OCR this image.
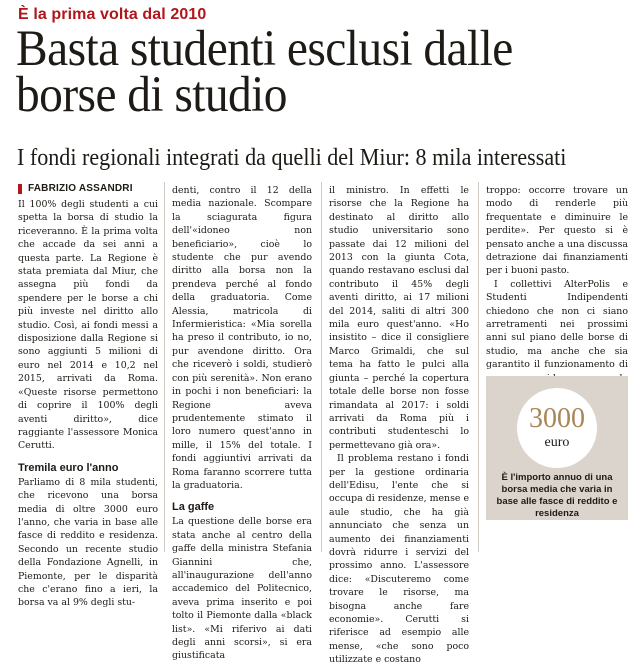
È la prima volta dal 2010
Basta studenti esclusi dalle borse di studio
I fondi regionali integrati da quelli del Miur: 8 mila interessati
FABRIZIO ASSANDRI

Il 100% degli studenti a cui spetta la borsa di studio la riceveranno. È la prima volta che accade da sei anni a questa parte. La Regione è stata premiata dal Miur, che assegna più fondi da spendere per le borse a chi più investe nel diritto allo studio. Così, ai fondi messi a disposizione dalla Regione si sono aggiunti 5 milioni di euro nel 2014 e 10,2 nel 2015, arrivati da Roma. «Queste risorse permettono di coprire il 100% degli aventi diritto», dice raggiante l'assessore Monica Cerutti.

Tremila euro l'anno

Parliamo di 8 mila studenti, che ricevono una borsa media di oltre 3000 euro l'anno, che varia in base alle fasce di reddito e residenza. Secondo un recente studio della Fondazione Agnelli, in Piemonte, per le disparità che c'erano fino a ieri, la borsa va al 9% degli stu-

denti, contro il 12 della media nazionale. Scompare la sciagurata figura dell'«idoneo non beneficiario», cioè lo studente che pur avendo diritto alla borsa non la prendeva perché al fondo della graduatoria. Come Alessia, matricola di Infermieristica: «Mia sorella ha preso il contributo, io no, pur avendone diritto. Ora che riceverò i soldi, studierò con più serenità». Non erano in pochi i non beneficiari: la Regione aveva prudentemente stimato il loro numero quest'anno in mille, il 15% del totale. I fondi aggiuntivi arrivati da Roma faranno scorrere tutta la graduatoria.

La gaffe

La questione delle borse era stata anche al centro della gaffe della ministra Stefania Giannini che, all'inaugurazione dell'anno accademico del Politecnico, aveva prima inserito e poi tolto il Piemonte dalla «black list». «Mi riferivo ai dati degli anni scorsi», si era giustificata

il ministro. In effetti le risorse che la Regione ha destinato al diritto allo studio universitario sono passate dai 12 milioni del 2013 con la giunta Cota, quando restavano esclusi dal contributo il 45% degli aventi diritto, ai 17 milioni del 2014, saliti di altri 300 mila euro quest'anno. «Ho insistito – dice il consigliere Marco Grimaldi, che sul tema ha fatto le pulci alla giunta – perché la copertura totale delle borse non fosse rimandata al 2017: i soldi arrivati da Roma più i contributi studenteschi lo permettevano già ora».

Il problema restano i fondi per la gestione ordinaria dell'Edisu, l'ente che si occupa di residenze, mense e aule studio, che ha già annunciato che senza un aumento dei finanziamenti dovrà ridurre i servizi del prossimo anno. L'assessore dice: «Discuteremo come trovare le risorse, ma bisogna anche fare economie». Cerutti si riferisce ad esempio alle mense, «che sono poco utilizzate e costano

troppo: occorre trovare un modo di renderle più frequentate e diminuire le perdite». Per questo si è pensato anche a una discussa detrazione dai finanziamenti per i buoni pasto.

I collettivi AlterPolis e Studenti Indipendenti chiedono che non ci siano arretramenti nei prossimi anni sul piano delle borse di studio, ma anche che sia garantito il funzionamento di

3000
euro
È l'importo annuo di una borsa media che varia in base alle fasce di reddito e residenza
